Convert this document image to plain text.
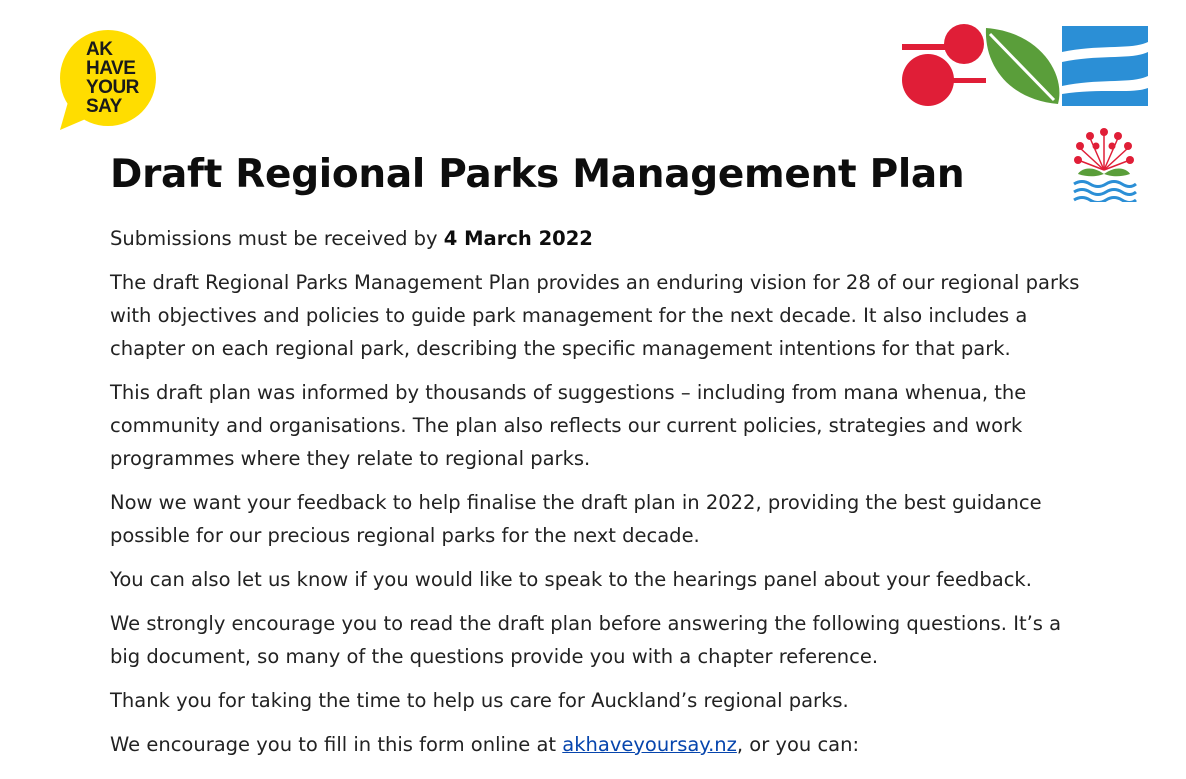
AK
HAVE
YOUR
SAY
Draft Regional Parks Management Plan

Submissions must be received by 4 March 2022

The draft Regional Parks Management Plan provides an enduring vision for 28 of our regional parks with objectives and policies to guide park management for the next decade. It also includes a chapter on each regional park, describing the specific management intentions for that park.

This draft plan was informed by thousands of suggestions – including from mana whenua, the community and organisations. The plan also reflects our current policies, strategies and work programmes where they relate to regional parks.

Now we want your feedback to help finalise the draft plan in 2022, providing the best guidance possible for our precious regional parks for the next decade.

You can also let us know if you would like to speak to the hearings panel about your feedback.

We strongly encourage you to read the draft plan before answering the following questions. It’s a big document, so many of the questions provide you with a chapter reference.

Thank you for taking the time to help us care for Auckland’s regional parks.

We encourage you to fill in this form online at akhaveyoursay.nz, or you can:
